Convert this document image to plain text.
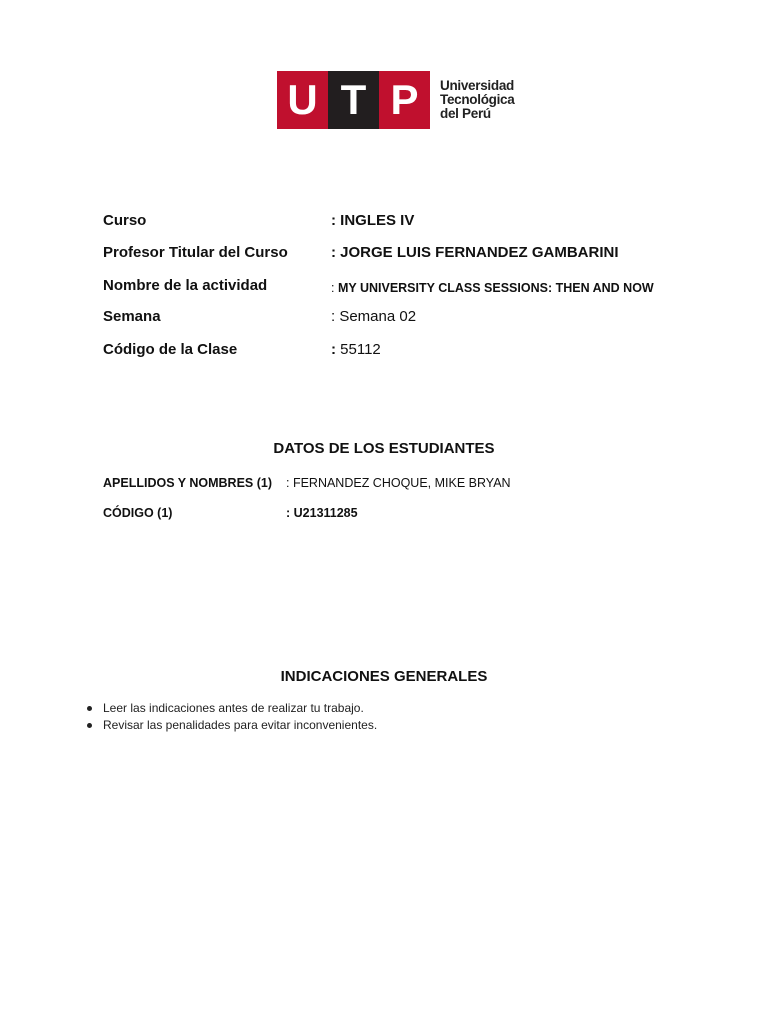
U T P	Universidad
Tecnológica
del Perú
Curso	: INGLES IV
Profesor Titular del Curso	: JORGE LUIS FERNANDEZ GAMBARINI
Nombre de la actividad	: MY UNIVERSITY CLASS SESSIONS: THEN AND NOW
Semana	: Semana 02
Código de la Clase	: 55112
DATOS DE LOS ESTUDIANTES
APELLIDOS Y NOMBRES (1) : FERNANDEZ CHOQUE, MIKE BRYAN
CÓDIGO (1)	: U21311285
INDICACIONES GENERALES
Leer las indicaciones antes de realizar tu trabajo.
Revisar las penalidades para evitar inconvenientes.
